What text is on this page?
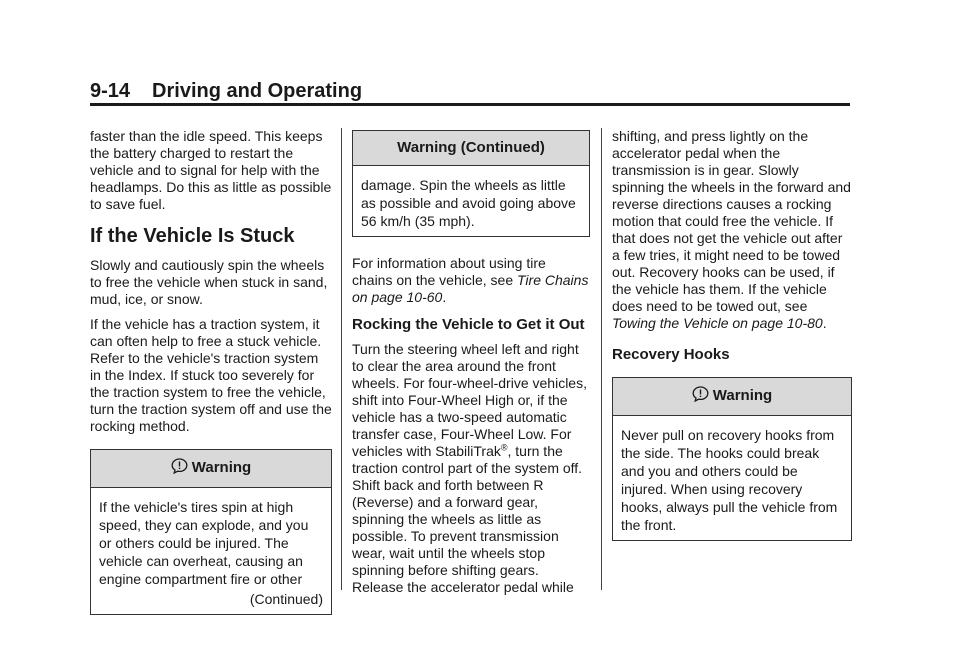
9-14 Driving and Operating

faster than the idle speed. This keeps the battery charged to restart the vehicle and to signal for help with the headlamps. Do this as little as possible to save fuel.

If the Vehicle Is Stuck

Slowly and cautiously spin the wheels to free the vehicle when stuck in sand, mud, ice, or snow.

If the vehicle has a traction system, it can often help to free a stuck vehicle. Refer to the vehicle's traction system in the Index. If stuck too severely for the traction system to free the vehicle, turn the traction system off and use the rocking method.

Warning
If the vehicle's tires spin at high speed, they can explode, and you or others could be injured. The vehicle can overheat, causing an engine compartment fire or other
(Continued)
Warning (Continued)
damage. Spin the wheels as little as possible and avoid going above 56 km/h (35 mph).

For information about using tire chains on the vehicle, see Tire Chains on page 10-60.

Rocking the Vehicle to Get it Out

Turn the steering wheel left and right to clear the area around the front wheels. For four-wheel-drive vehicles, shift into Four-Wheel High or, if the vehicle has a two-speed automatic transfer case, Four-Wheel Low. For vehicles with StabiliTrak®, turn the traction control part of the system off. Shift back and forth between R (Reverse) and a forward gear, spinning the wheels as little as possible. To prevent transmission wear, wait until the wheels stop spinning before shifting gears. Release the accelerator pedal while

shifting, and press lightly on the accelerator pedal when the transmission is in gear. Slowly spinning the wheels in the forward and reverse directions causes a rocking motion that could free the vehicle. If that does not get the vehicle out after a few tries, it might need to be towed out. Recovery hooks can be used, if the vehicle has them. If the vehicle does need to be towed out, see Towing the Vehicle on page 10-80.

Recovery Hooks
Warning
Never pull on recovery hooks from the side. The hooks could break and you and others could be injured. When using recovery hooks, always pull the vehicle from the front.
